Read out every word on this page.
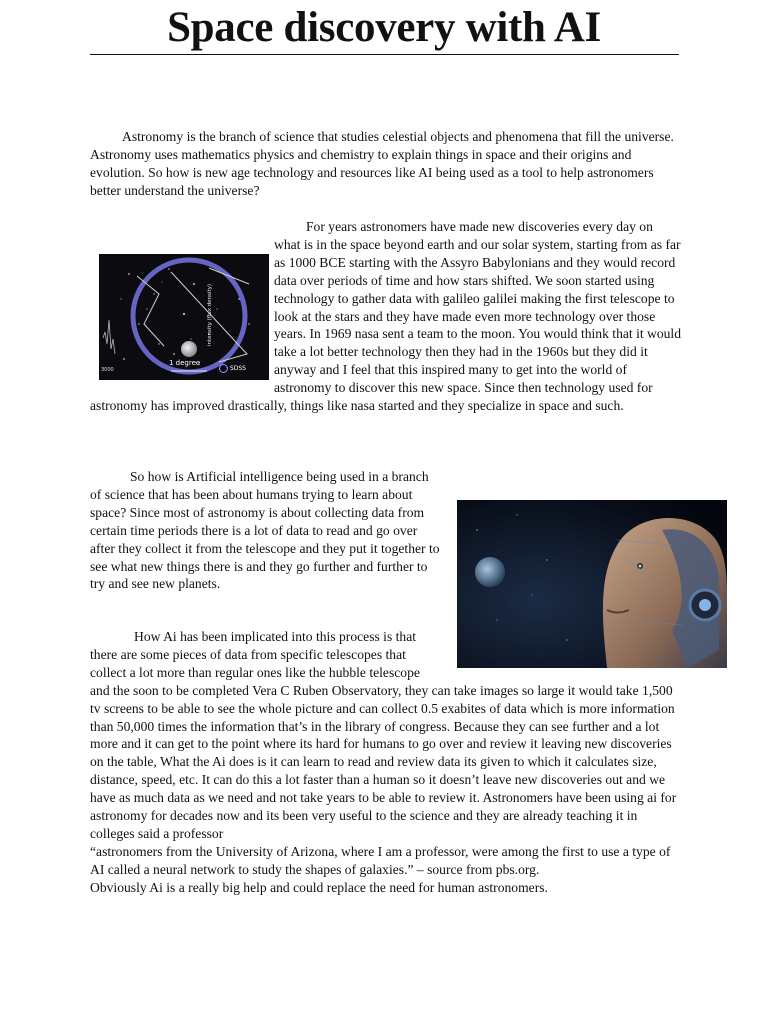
Space discovery with AI

Astronomy is the branch of science that studies celestial objects and phenomena that fill the universe. Astronomy uses mathematics physics and chemistry to explain things in space and their origins and evolution. So how is new age technology and resources like AI being used as a tool to help astronomers better understand the universe?

For years astronomers have made new discoveries every day on what is in the space beyond earth and our solar system, starting from as far as 1000 BCE starting with the Assyro Babylonians and they would record data over periods of time and how stars shifted. We soon started using technology to gather data with galileo galilei making the first telescope to look at the stars and they have made even more technology over those years. In 1969 nasa sent a team to the moon. You would think that it would take a lot better technology then they had in the 1960s but they did it anyway and I feel that this inspired many to get into the world of astronomy to discover this new space. Since then technology used for astronomy has improved drastically, things like nasa started and they specialize in space and such.
1 degree
intensity (flux density)
3000	SDSS
So how is Artificial intelligence being used in a branch of science that has been about humans trying to learn about space? Since most of astronomy is about collecting data from certain time periods there is a lot of data to read and go over after they collect it from the telescope and they put it together to see what new things there is and they go further and further to try and see new planets.
How Ai has been implicated into this process is that there are some pieces of data from specific telescopes that collect a lot more than regular ones like the hubble telescope and the soon to be completed Vera C Ruben Observatory, they can take images so large it would take 1,500 tv screens to be able to see the whole picture and can collect 0.5 exabites of data which is more information than 50,000 times the information that’s in the library of congress. Because they can see further and a lot more and it can get to the point where its hard for humans to go over and review it leaving new discoveries on the table, What the Ai does is it can learn to read and review data its given to which it calculates size, distance, speed, etc. It can do this a lot faster than a human so it doesn’t leave new discoveries out and we have as much data as we need and not take years to be able to review it. Astronomers have been using ai for astronomy for decades now and its been very useful to the science and they are already teaching it in colleges said a professor
“astronomers from the University of Arizona, where I am a professor, were among the first to use a type of AI called a neural network to study the shapes of galaxies.” – source from pbs.org.
Obviously Ai is a really big help and could replace the need for human astronomers.
